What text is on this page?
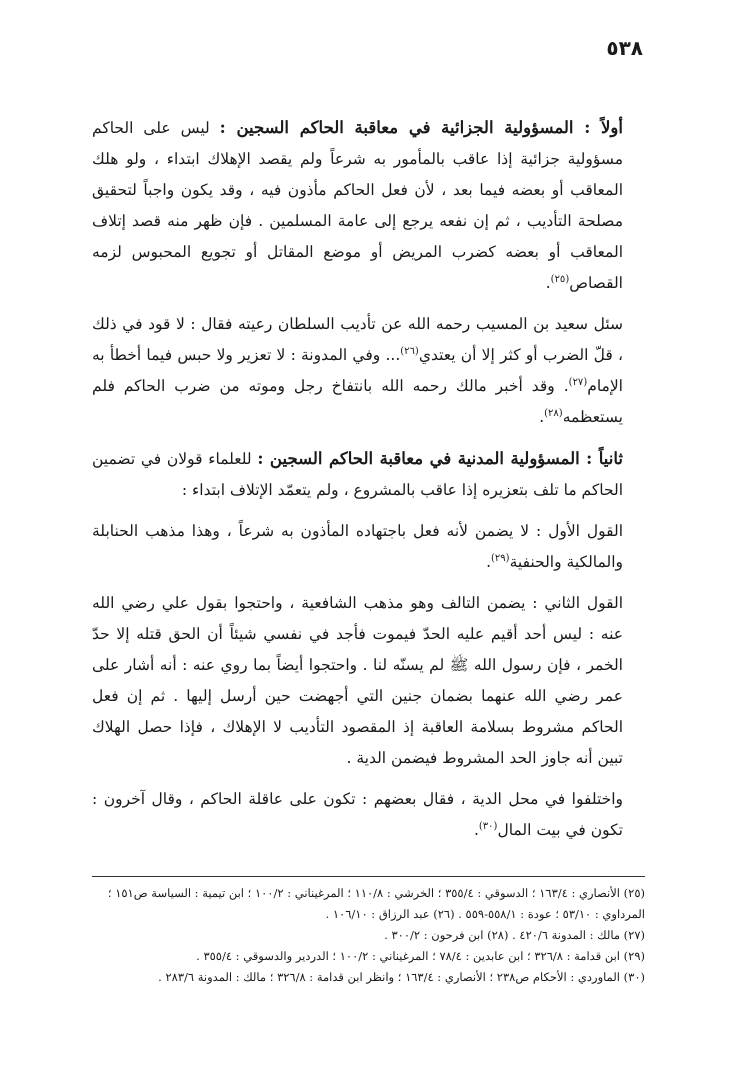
٥٣٨

أولاً : المسؤولية الجزائية في معاقبة الحاكم السجين : ليس على الحاكم مسؤولية جزائية إذا عاقب بالمأمور به شرعاً ولم يقصد الإهلاك ابتداء ، ولو هلك المعاقب أو بعضه فيما بعد ، لأن فعل الحاكم مأذون فيه ، وقد يكون واجباً لتحقيق مصلحة التأديب ، ثم إن نفعه يرجع إلى عامة المسلمين . فإن ظهر منه قصد إتلاف المعاقب أو بعضه كضرب المريض أو موضع المقاتل أو تجويع المحبوس لزمه القصاص$^{(٢٥)}$.

سئل سعيد بن المسيب رحمه الله عن تأديب السلطان رعيته فقال : لا قود في ذلك ، قلّ الضرب أو كثر إلا أن يعتدي$^{(٢٦)}$... وفي المدونة : لا تعزير ولا حبس فيما أخطأ به الإمام$^{(٢٧)}$. وقد أخبر مالك رحمه الله بانتفاخ رجل وموته من ضرب الحاكم فلم يستعظمه$^{(٢٨)}$.

ثانياً : المسؤولية المدنية في معاقبة الحاكم السجين : للعلماء قولان في تضمين الحاكم ما تلف بتعزيره إذا عاقب بالمشروع ، ولم يتعمّد الإتلاف ابتداء :

القول الأول : لا يضمن لأنه فعل باجتهاده المأذون به شرعاً ، وهذا مذهب الحنابلة والمالكية والحنفية$^{(٢٩)}$.

القول الثاني : يضمن التالف وهو مذهب الشافعية ، واحتجوا بقول علي رضي الله عنه : ليس أحد أقيم عليه الحدّ فيموت فأجد في نفسي شيئاً أن الحق قتله إلا حدّ الخمر ، فإن رسول الله ﷺ لم يسنّه لنا . واحتجوا أيضاً بما روي عنه : أنه أشار على عمر رضي الله عنهما بضمان جنين التي أجهضت حين أرسل إليها . ثم إن فعل الحاكم مشروط بسلامة العاقبة إذ المقصود التأديب لا الإهلاك ، فإذا حصل الهلاك تبين أنه جاوز الحد المشروط فيضمن الدية .

واختلفوا في محل الدية ، فقال بعضهم : تكون على عاقلة الحاكم ، وقال آخرون : تكون في بيت المال$^{(٣٠)}$.

(٢٥) الأنصاري : ١٦٣/٤ ؛ الدسوقي : ٣٥٥/٤ ؛ الخرشي : ١١٠/٨ ؛ المرغيناني : ١٠٠/٢ ؛ ابن تيمية : السياسة ص١٥١ ؛ المرداوي : ٥٣/١٠ ؛ عودة : ٥٥٨/١-٥٥٩ . (٢٦) عبد الرزاق : ١٠٦/١٠ .

(٢٧) مالك : المدونة ٤٢٠/٦ . (٢٨) ابن فرحون : ٣٠٠/٢ .

(٢٩) ابن قدامة : ٣٢٦/٨ ؛ ابن عابدين : ٧٨/٤ ؛ المرغيناني : ١٠٠/٢ ؛ الدردير والدسوقي : ٣٥٥/٤ .

(٣٠) الماوردي : الأحكام ص٢٣٨ ؛ الأنصاري : ١٦٣/٤ ؛ وانظر ابن قدامة : ٣٢٦/٨ ؛ مالك : المدونة ٢٨٣/٦ .
